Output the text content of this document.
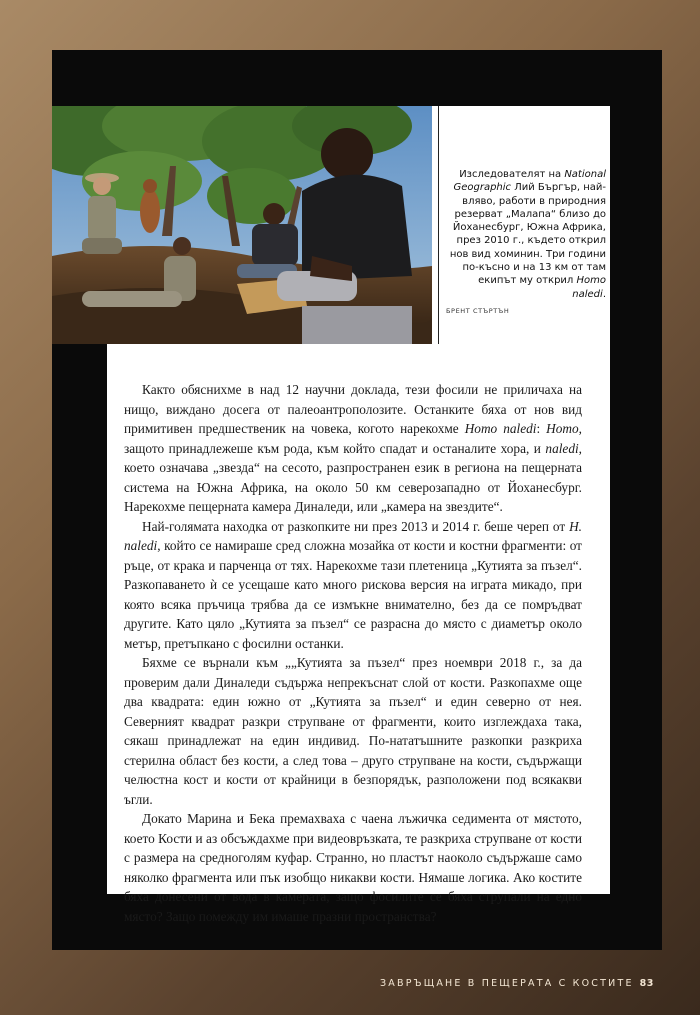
Изследователят на National Geographic Лий Бъргър, най-вляво, работи в природния резерват „Малапа“ близо до Йоханесбург, Южна Африка, през 2010 г., където открил нов вид хоминин. Три години по-късно и на 13 км от там екипът му открил Homo naledi.
БРЕНТ СТЪРТЪН

Както обяснихме в над 12 научни доклада, тези фосили не приличаха на нищо, виждано досега от палеоантрополозите. Останките бяха от нов вид примитивен предшественик на човека, когото нарекохме Homo naledi: Homo, защото принадлежеше към рода, към който спадат и останалите хора, и naledi, което означава „звезда“ на сесото, разпространен език в региона на пещерната система на Южна Африка, на около 50 км северозападно от Йоханесбург. Нарекохме пещерната камера Диналеди, или „камера на звездите“.

Най-голямата находка от разкопките ни през 2013 и 2014 г. беше череп от H. naledi, който се намираше сред сложна мозайка от кости и костни фрагменти: от ръце, от крака и парченца от тях. Нарекохме тази плетеница „Кутията за пъзел“. Разкопаването ѝ се усещаше като много рискова версия на играта микадо, при която всяка пръчица трябва да се измъкне внимателно, без да се помръдват другите. Като цяло „Кутията за пъзел“ се разрасна до място с диаметър около метър, претъпкано с фосилни останки.

Бяхме се върнали към „„Кутията за пъзел“ през ноември 2018 г., за да проверим дали Диналеди съдържа непрекъснат слой от кости. Разкопахме още два квадрата: един южно от „Кутията за пъзел“ и един северно от нея. Северният квадрат разкри струпване от фрагменти, които изглеждаха така, сякаш принадлежат на един индивид. По-нататъшните разкопки разкриха стерилна област без кости, а след това – друго струпване на кости, съдържащи челюстна кост и кости от крайници в безпорядък, разположени под всякакви ъгли.

Докато Марина и Бека премахваха с чаена лъжичка седимента от мястото, което Кости и аз обсъждахме при видеовръзката, те разкриха струпване от кости с размера на средноголям куфар. Странно, но пластът наоколо съдържаше само няколко фрагмента или пък изобщо никакви кости. Нямаше логика. Ако костите бяха донесени от вода в камерата, защо фосилите се бяха струпали на едно място? Защо помежду им имаше празни пространства?

ЗАВРЪЩАНЕ В ПЕЩЕРАТА С КОСТИТЕ 83
